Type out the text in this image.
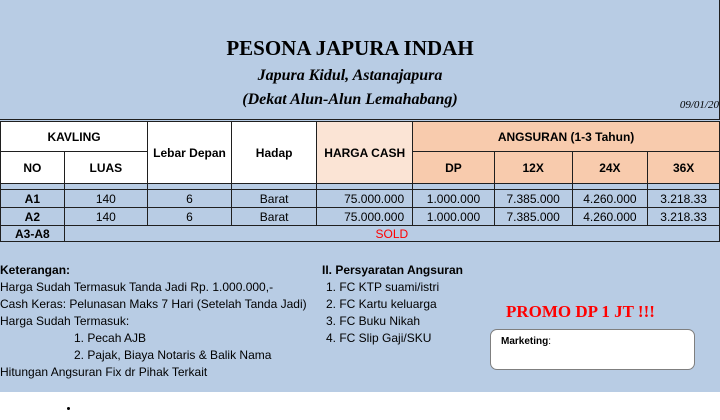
PESONA JAPURA INDAH
Japura Kidul, Astanajapura
(Dekat Alun-Alun Lemahabang)	09/01/20
KAVLING		Lebar Depan	Hadap	HARGA CASH	ANGSURAN (1-3 Tahun)			
NO	LUAS				DP	12X	24X	36X

A1	140	6	Barat	75.000.000	1.000.000	7.385.000	4.260.000	3.218.33
A2	140	6	Barat	75.000.000	1.000.000	7.385.000	4.260.000	3.218.33
A3-A8	SOLD							
Keterangan:
Harga Sudah Termasuk Tanda Jadi Rp. 1.000.000,-
Cash Keras: Pelunasan Maks 7 Hari (Setelah Tanda Jadi)
Harga Sudah Termasuk:
1. Pecah AJB
2. Pajak, Biaya Notaris & Balik Nama
Hitungan Angsuran Fix dr Pihak Terkait
II. Persyaratan Angsuran
1. FC KTP suami/istri
2. FC Kartu keluarga
3. FC Buku Nikah
4. FC Slip Gaji/SKU
PROMO DP 1 JT !!!
Marketing:
